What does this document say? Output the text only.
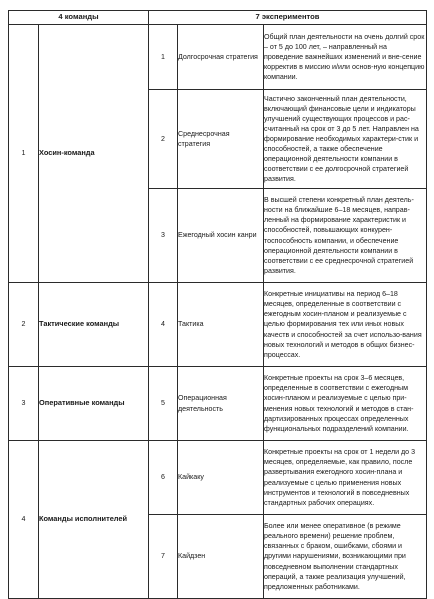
4 команды		7 экспериментов		
1	Хосин-команда	1	Долгосрочная стратегия	Общий план деятельности на очень долгий срок – от 5 до 100 лет, – направленный на проведение важнейших изменений и вне-сение корректив в миссию и/или основ-ную концепцию компании.
		2	Среднесрочная стратегия	Частично законченный план деятельности, включающий финансовые цели и индикаторы улучшений существующих процессов и рас-считанный на срок от 3 до 5 лет. Направлен на формирование необходимых характери-стик и способностей, а также обеспечение операционной деятельности компании в соответствии с ее долгосрочной стратегией развития.
		3	Ежегодный хосин канри	В высшей степени конкретный план деятель-ности на ближайшие 6–18 месяцев, направ-ленный на формирование характеристик и способностей, повышающих конкурен-тоспособность компании, и обеспечение операционной деятельности компании в соответствии с ее среднесрочной стратегией развития.
2	Тактические команды	4	Тактика	Конкретные инициативы на период 6–18 месяцев, определенные в соответствии с ежегодным хосин-планом и реализуемые с целью формирования тех или иных новых качеств и способностей за счет использо-вания новых технологий и методов в общих бизнес-процессах.
3	Оперативные команды	5	Операционная деятельность	Конкретные проекты на срок 3–6 месяцев, определенные в соответствии с ежегодным хосин-планом и реализуемые с целью при-менения новых технологий и методов в стан-дартизированных процессах определенных функциональных подразделений компании.
4	Команды исполнителей	6	Кайкаку	Конкретные проекты на срок от 1 недели до 3 месяцев, определяемые, как правило, после развертывания ежегодного хосин-плана и реализуемые с целью применения новых инструментов и технологий в повседневных стандартных рабочих операциях.
		7	Кайдзен	Более или менее оперативное (в режиме реального времени) решение проблем, связанных с браком, ошибками, сбоями и другими нарушениями, возникающими при повседневном выполнении стандартных операций, а также реализация улучшений, предложенных работниками.
